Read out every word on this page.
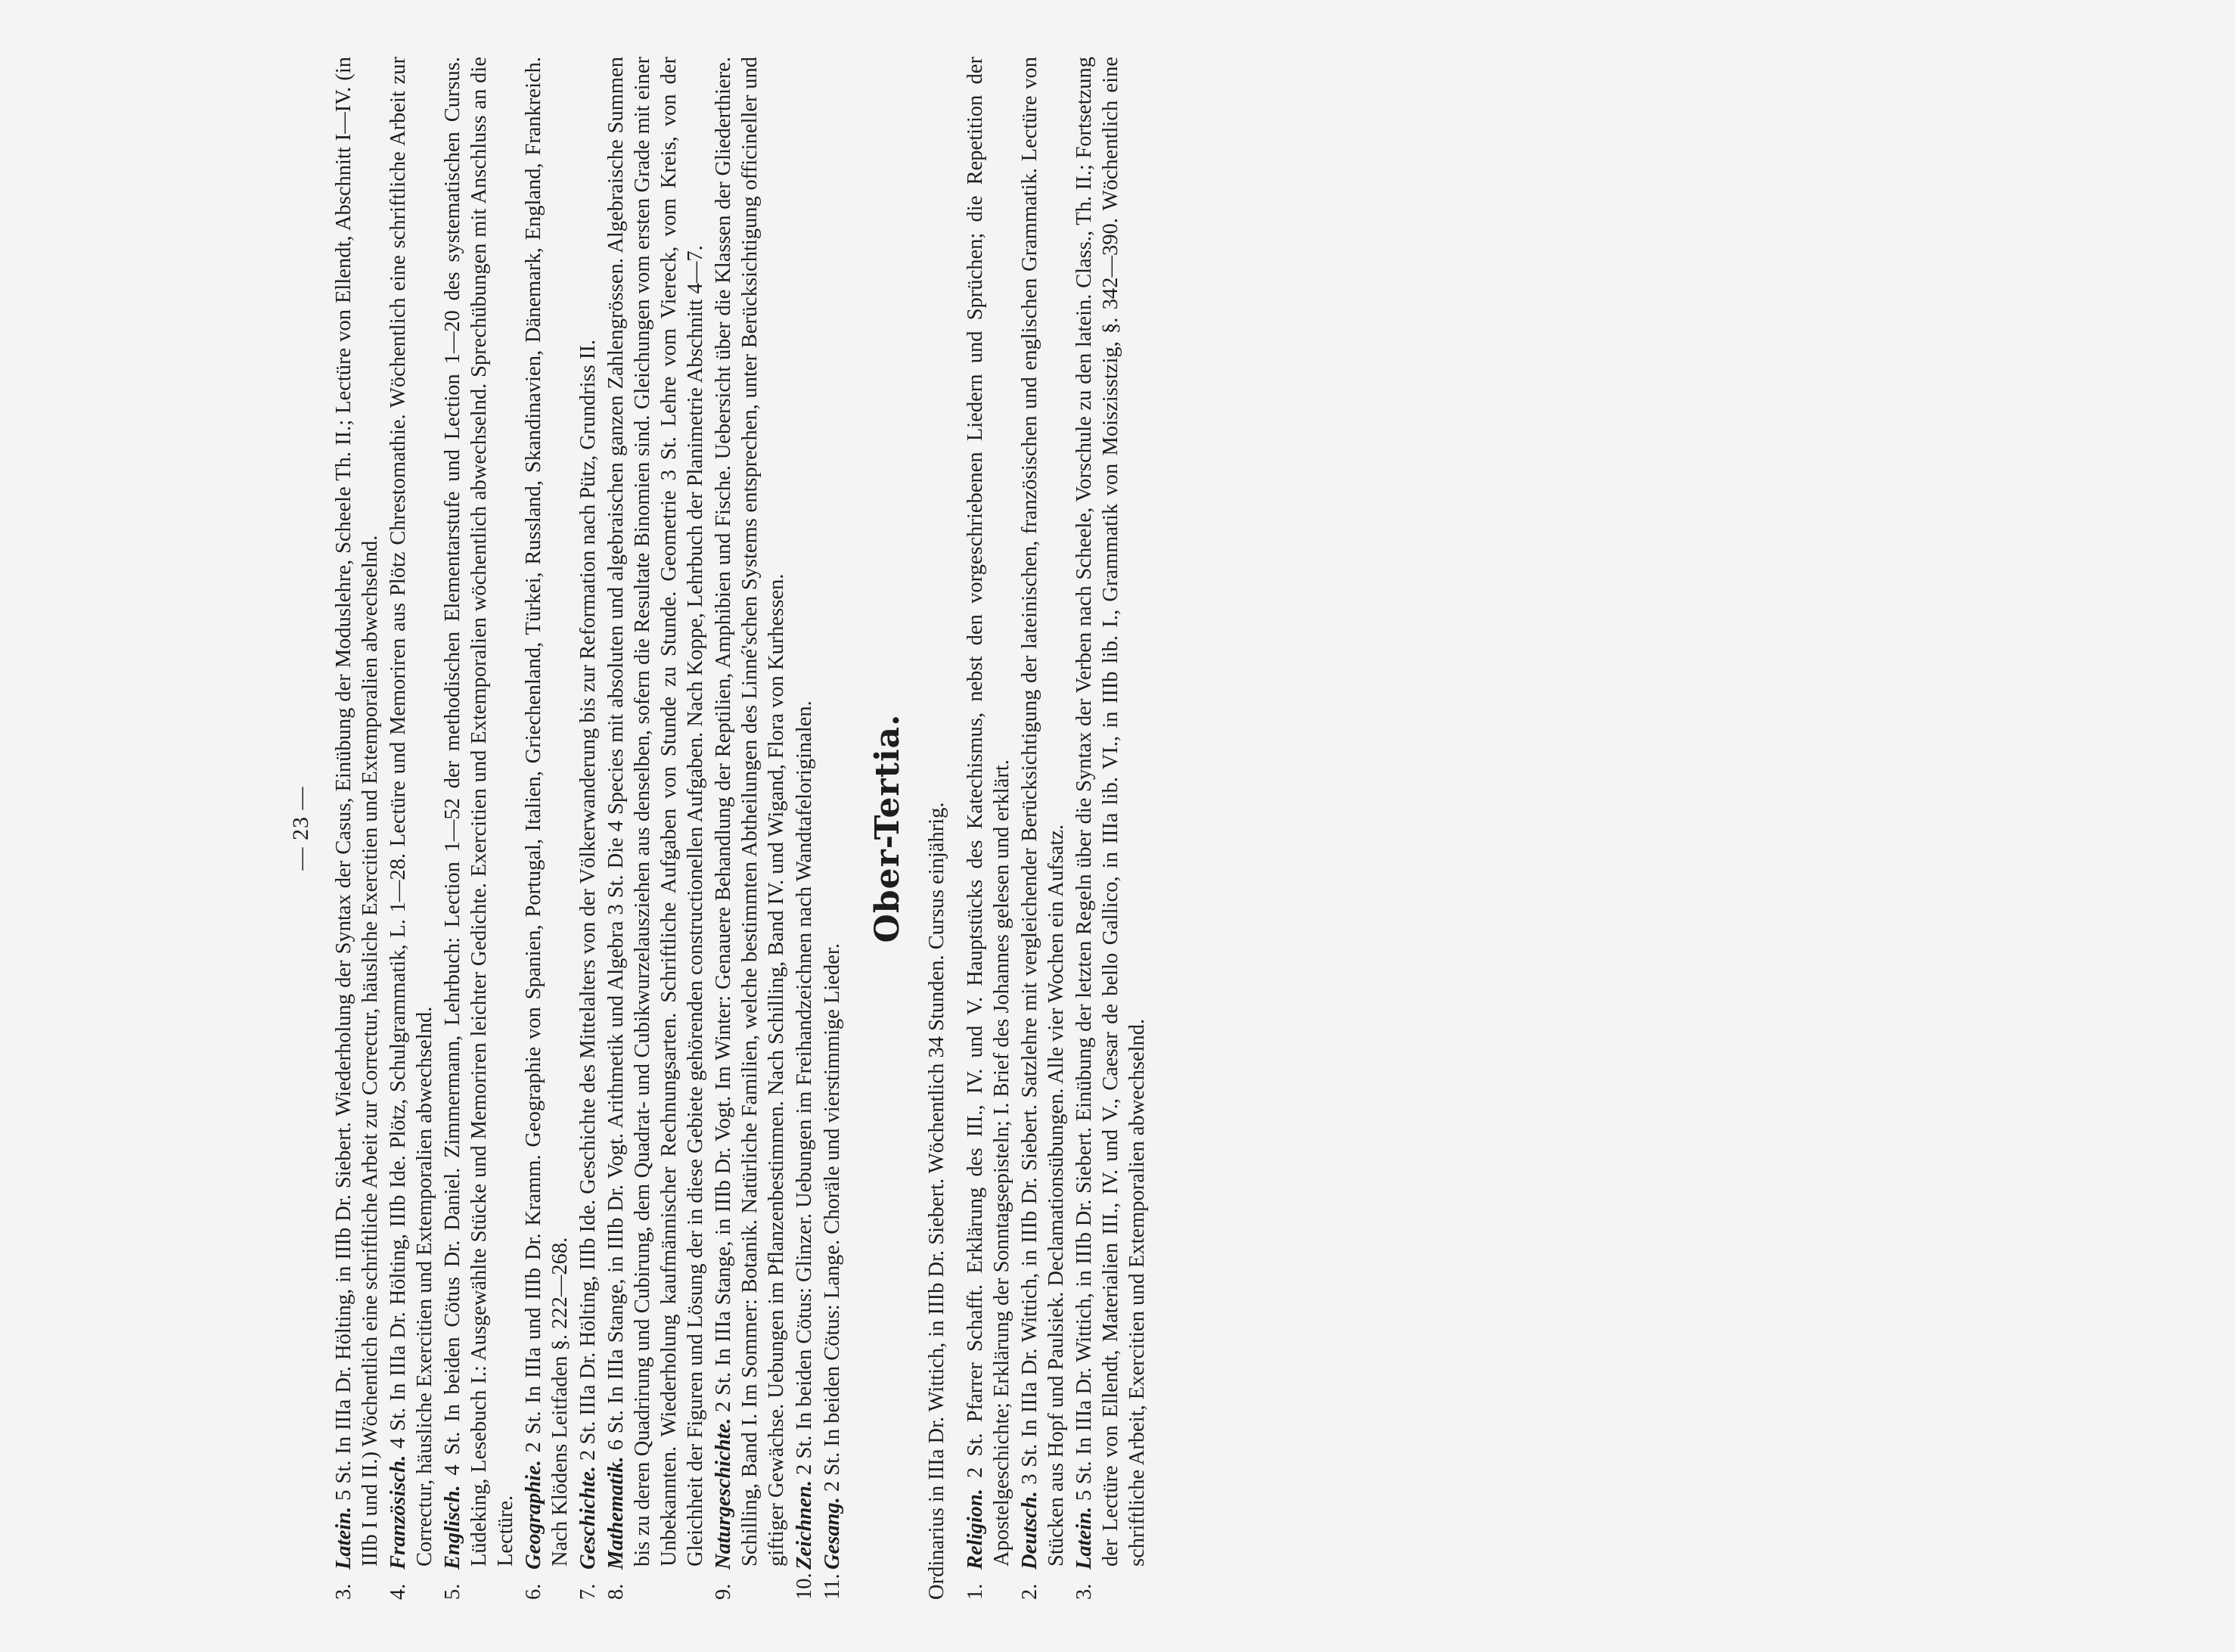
— 23 —

3.Latein. 5 St. In IIIa Dr. Hölting, in IIIb Dr. Siebert. Wiederholung der Syntax der Casus, Einübung der Moduslehre, Scheele Th. II.; Lectüre von Ellendt, Abschnitt I—IV. (in IIIb I und II.) Wöchentlich eine schriftliche Arbeit zur Correctur, häusliche Exercitien und Extemporalien abwechselnd.

4.Französisch. 4 St. In IIIa Dr. Hölting, IIIb Ide. Plötz, Schulgrammatik, L. 1—28. Lectüre und Memoriren aus Plötz Chrestomathie. Wöchentlich eine schriftliche Arbeit zur Correctur, häusliche Exercitien und Extemporalien abwechselnd.

5.Englisch. 4 St. In beiden Cötus Dr. Daniel. Zimmermann, Lehrbuch: Lection 1—52 der methodischen Elementarstufe und Lection 1—20 des systematischen Cursus. Lüdeking, Lesebuch I.: Ausgewählte Stücke und Memoriren leichter Gedichte. Exercitien und Extemporalien wöchentlich abwechselnd. Sprechübungen mit Anschluss an die Lectüre.

6.Geographie. 2 St. In IIIa und IIIb Dr. Kramm. Geographie von Spanien, Portugal, Italien, Griechenland, Türkei, Russland, Skandinavien, Dänemark, England, Frankreich. Nach Klödens Leitfaden §. 222—268.

7.Geschichte. 2 St. IIIa Dr. Hölting, IIIb Ide. Geschichte des Mittelalters von der Völkerwanderung bis zur Reformation nach Pütz, Grundriss II.

8.Mathematik. 6 St. In IIIa Stange, in IIIb Dr. Vogt. Arithmetik und Algebra 3 St. Die 4 Species mit absoluten und algebraischen ganzen Zahlengrössen. Algebraische Summen bis zu deren Quadrirung und Cubirung, dem Quadrat- und Cubikwurzelausziehen aus denselben, sofern die Resultate Binomien sind. Gleichungen vom ersten Grade mit einer Unbekannten. Wiederholung kaufmännischer Rechnungsarten. Schriftliche Aufgaben von Stunde zu Stunde. Geometrie 3 St. Lehre vom Viereck, vom Kreis, von der Gleichheit der Figuren und Lösung der in diese Gebiete gehörenden constructionellen Aufgaben. Nach Koppe, Lehrbuch der Planimetrie Abschnitt 4—7.

9.Naturgeschichte. 2 St. In IIIa Stange, in IIIb Dr. Vogt. Im Winter: Genauere Behandlung der Reptilien, Amphibien und Fische. Uebersicht über die Klassen der Gliederthiere. Schilling, Band I. Im Sommer: Botanik. Natürliche Familien, welche bestimmten Abtheilungen des Linné'schen Systems entsprechen, unter Berücksichtigung officineller und giftiger Gewächse. Uebungen im Pflanzenbestimmen. Nach Schilling, Band IV. und Wigand, Flora von Kurhessen.

10.Zeichnen. 2 St. In beiden Cötus: Glinzer. Uebungen im Freihandzeichnen nach Wandtafeloriginalen.

11.Gesang. 2 St. In beiden Cötus: Lange. Choräle und vierstimmige Lieder.

Ober-Tertia. Ordinarius in IIIa Dr. Wittich, in IIIb Dr. Siebert. Wöchentlich 34 Stunden. Cursus einjährig. 1.Religion. 2 St. Pfarrer Schafft. Erklärung des III., IV. und V. Hauptstücks des Katechismus, nebst den vorgeschriebenen Liedern und Sprüchen; die Repetition der Apostelgeschichte; Erklärung der Sonntagsepisteln; I. Brief des Johannes gelesen und erklärt.

2.Deutsch. 3 St. In IIIa Dr. Wittich, in IIIb Dr. Siebert. Satzlehre mit vergleichender Berücksichtigung der lateinischen, französischen und englischen Grammatik. Lectüre von Stücken aus Hopf und Paulsiek. Declamationsübungen. Alle vier Wochen ein Aufsatz.

3.Latein. 5 St. In IIIa Dr. Wittich, in IIIb Dr. Siebert. Einübung der letzten Regeln über die Syntax der Verben nach Scheele, Vorschule zu den latein. Class., Th. II.; Fortsetzung der Lectüre von Ellendt, Materialien III., IV. und V., Caesar de bello Gallico, in IIIa lib. VI., in IIIb lib. I., Grammatik von Moiszisstzig, §. 342—390. Wöchentlich eine schriftliche Arbeit, Exercitien und Extemporalien abwechselnd.
